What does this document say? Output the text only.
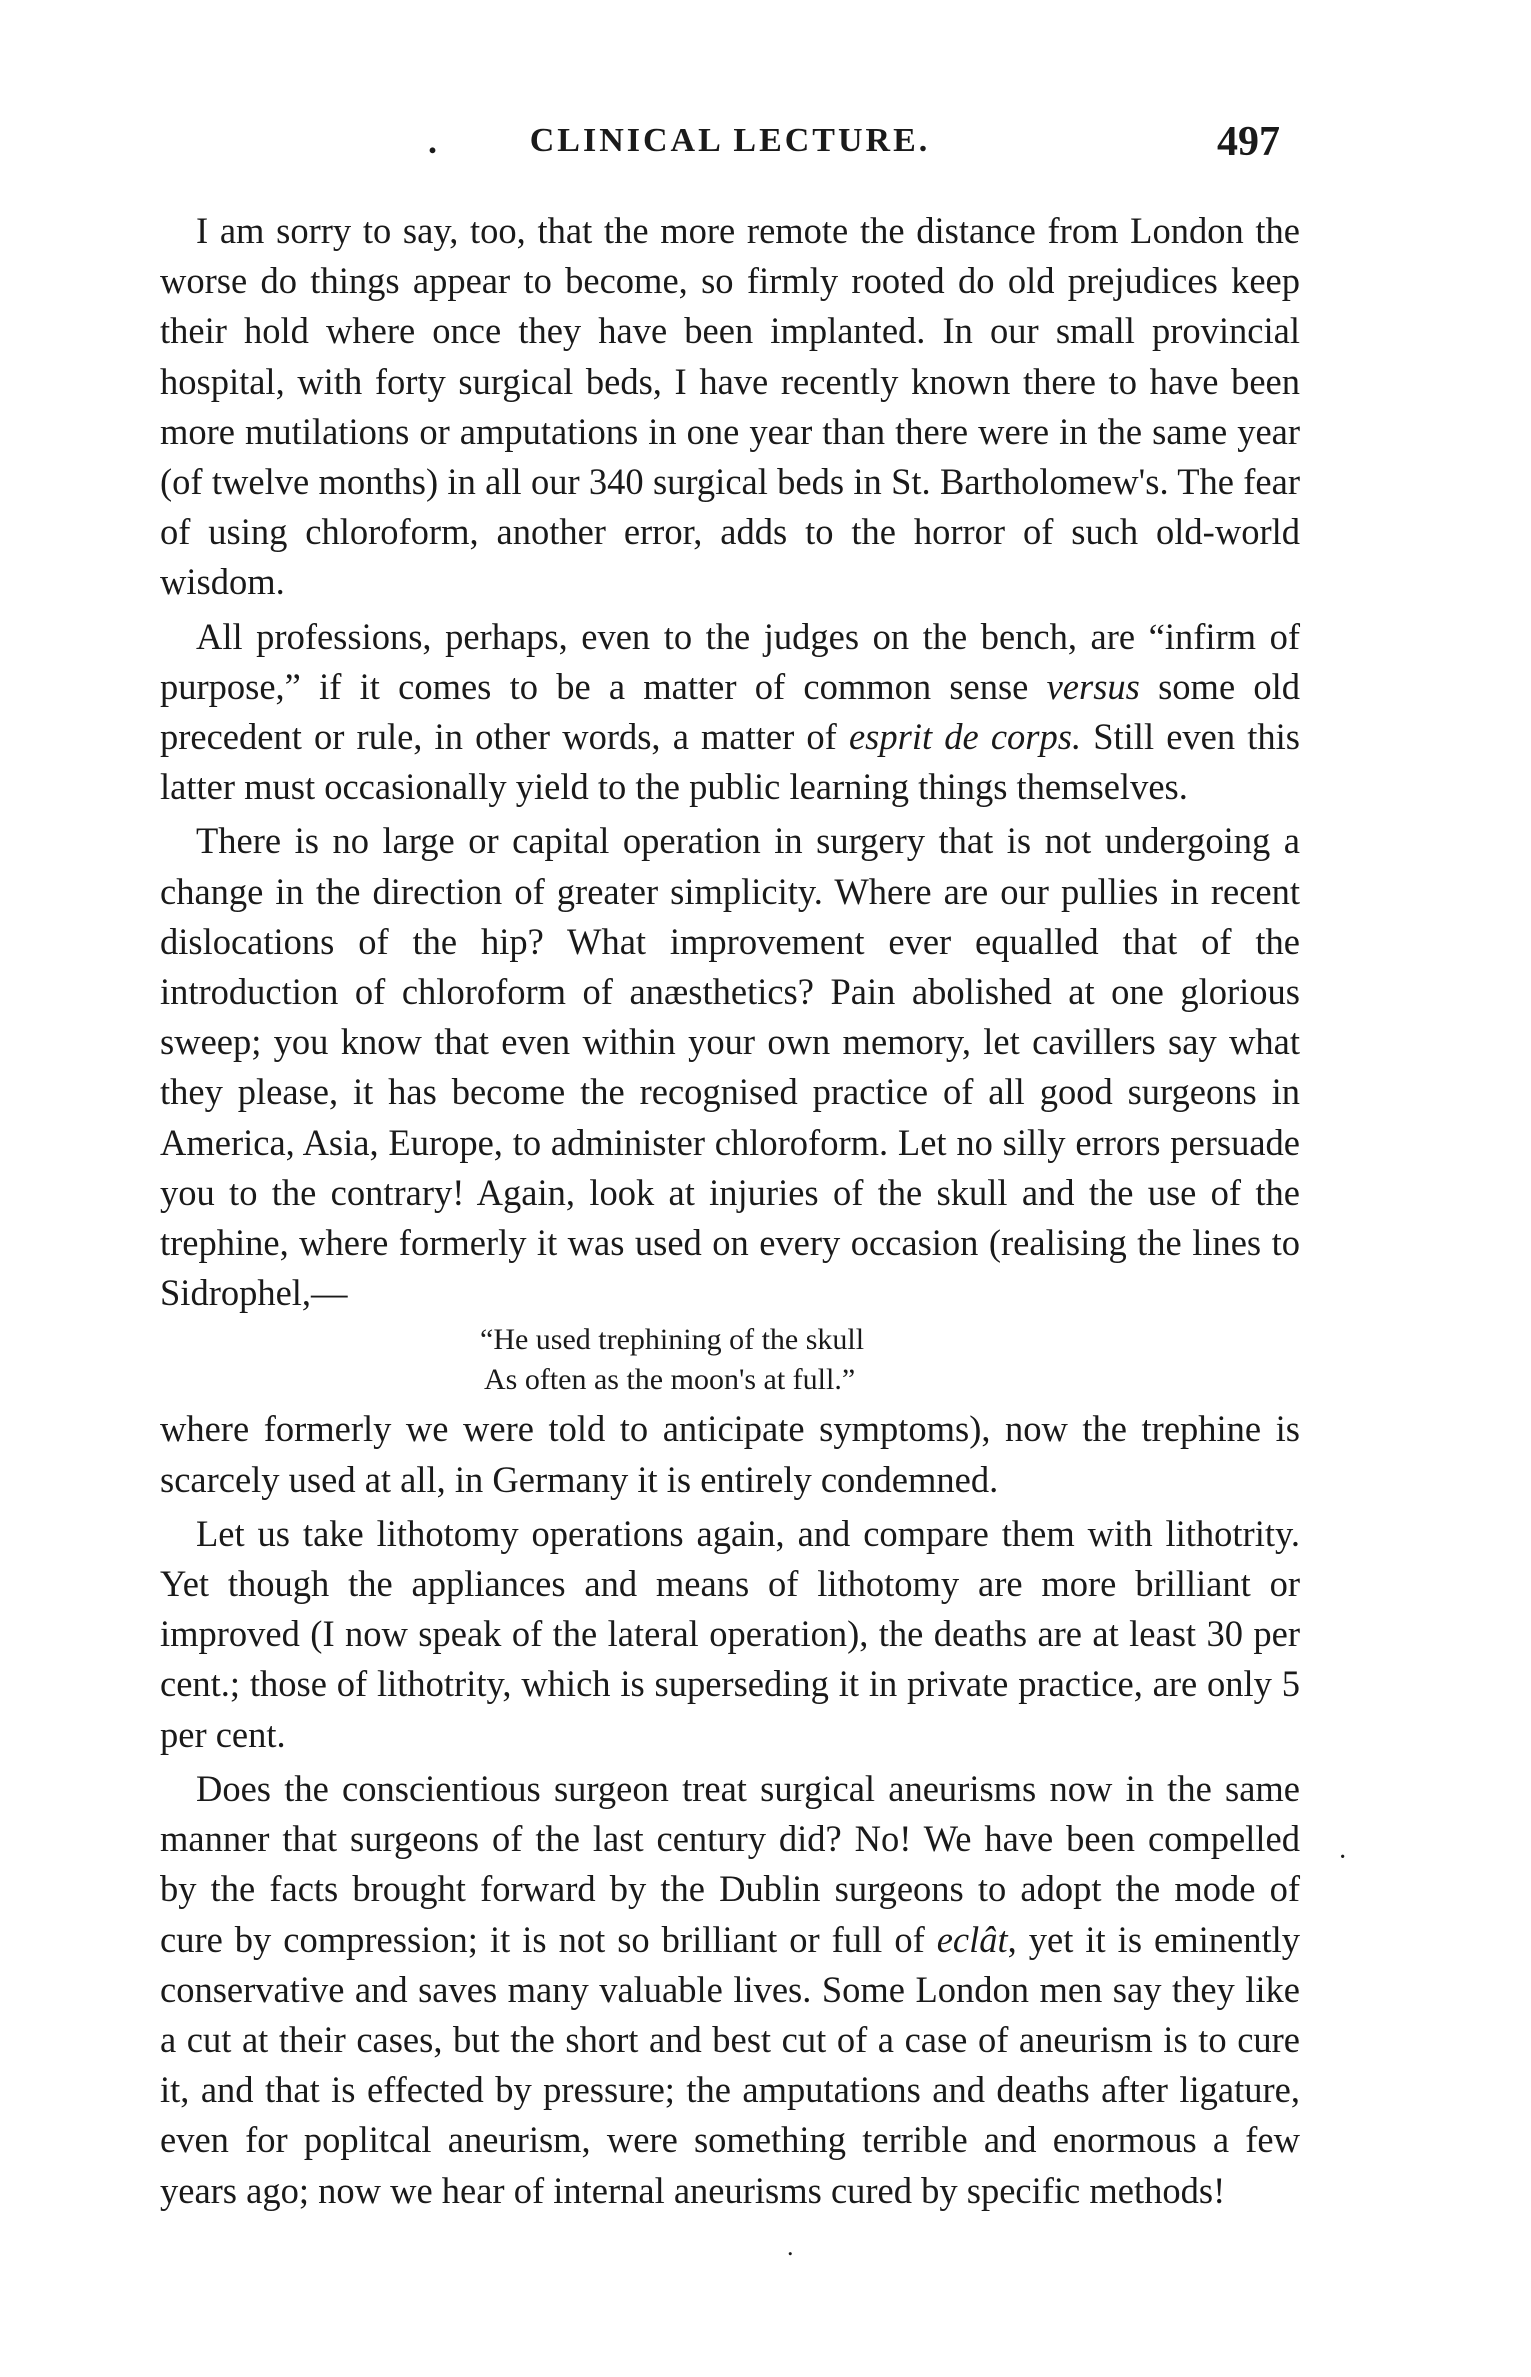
.	CLINICAL LECTURE.	497

I am sorry to say, too, that the more remote the distance from London the worse do things appear to become, so firmly rooted do old prejudices keep their hold where once they have been implanted. In our small provincial hospital, with forty surgical beds, I have recently known there to have been more mutilations or amputations in one year than there were in the same year (of twelve months) in all our 340 surgical beds in St. Bartholomew's. The fear of using chloroform, another error, adds to the horror of such old-world wisdom.

All professions, perhaps, even to the judges on the bench, are “infirm of purpose,” if it comes to be a matter of common sense versus some old precedent or rule, in other words, a matter of esprit de corps. Still even this latter must occasionally yield to the public learning things themselves.

There is no large or capital operation in surgery that is not undergoing a change in the direction of greater simplicity. Where are our pullies in recent dislocations of the hip? What improvement ever equalled that of the introduction of chloroform of anæsthetics? Pain abolished at one glorious sweep; you know that even within your own memory, let cavillers say what they please, it has become the recognised practice of all good surgeons in America, Asia, Europe, to administer chloroform. Let no silly errors persuade you to the contrary! Again, look at injuries of the skull and the use of the trephine, where formerly it was used on every occasion (realising the lines to Sidrophel,—

“He used trephining of the skull
As often as the moon's at full.”

where formerly we were told to anticipate symptoms), now the trephine is scarcely used at all, in Germany it is entirely condemned.

Let us take lithotomy operations again, and compare them with lithotrity. Yet though the appliances and means of lithotomy are more brilliant or improved (I now speak of the lateral operation), the deaths are at least 30 per cent.; those of lithotrity, which is superseding it in private practice, are only 5 per cent.

Does the conscientious surgeon treat surgical aneurisms now in the same manner that surgeons of the last century did? No! We have been compelled by the facts brought forward by the Dublin surgeons to adopt the mode of cure by compression; it is not so brilliant or full of eclât, yet it is eminently conservative and saves many valuable lives. Some London men say they like a cut at their cases, but the short and best cut of a case of aneurism is to cure it, and that is effected by pressure; the amputations and deaths after ligature, even for poplitcal aneurism, were something terrible and enormous a few years ago; now we hear of internal aneurisms cured by specific methods!

·
.
